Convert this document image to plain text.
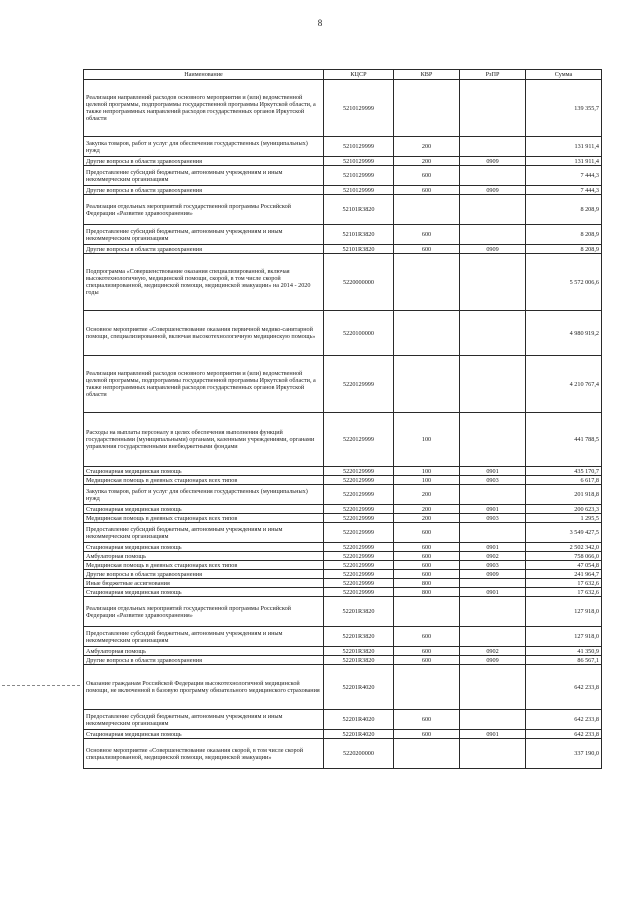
8
Наименование	КЦСР	КВР	РзПР	Сумма
Реализация направлений расходов основного мероприятия и (или) ведомственной целевой программы, подпрограммы государственной программы Иркутской области, а также непрограммных направлений расходов государственных органов Иркутской области	5210129999			139 355,7
Закупка товаров, работ и услуг для обеспечения государственных (муниципальных) нужд	5210129999	200		131 911,4
Другие вопросы в области здравоохранения	5210129999	200	0909	131 911,4
Предоставление субсидий бюджетным, автономным учреждениям и иным некоммерческим организациям	5210129999	600		7 444,3
Другие вопросы в области здравоохранения	5210129999	600	0909	7 444,3
Реализация отдельных мероприятий государственной программы Российской Федерации «Развитие здравоохранения»	52101R3820			8 208,9
Предоставление субсидий бюджетным, автономным учреждениям и иным некоммерческим организациям	52101R3820	600		8 208,9
Другие вопросы в области здравоохранения	52101R3820	600	0909	8 208,9
Подпрограмма «Совершенствование оказания специализированной, включая высокотехнологичную, медицинской помощи, скорой, в том числе скорой специализированной, медицинской помощи, медицинской эвакуации» на 2014 - 2020 годы	5220000000			5 572 006,6
Основное мероприятие «Совершенствование оказания первичной медико-санитарной помощи, специализированной, включая высокотехнологичную медицинскую помощь»	5220100000			4 980 919,2
Реализация направлений расходов основного мероприятия и (или) ведомственной целевой программы, подпрограммы государственной программы Иркутской области, а также непрограммных направлений расходов государственных органов Иркутской области	5220129999			4 210 767,4
Расходы на выплаты персоналу в целях обеспечения выполнения функций государственными (муниципальными) органами, казенными учреждениями, органами управления государственными внебюджетными фондами	5220129999	100		441 788,5
Стационарная медицинская помощь	5220129999	100	0901	435 170,7
Медицинская помощь в дневных стационарах всех типов	5220129999	100	0903	6 617,8
Закупка товаров, работ и услуг для обеспечения государственных (муниципальных) нужд	5220129999	200		201 918,8
Стационарная медицинская помощь	5220129999	200	0901	200 623,3
Медицинская помощь в дневных стационарах всех типов	5220129999	200	0903	1 295,5
Предоставление субсидий бюджетным, автономным учреждениям и иным некоммерческим организациям	5220129999	600		3 549 427,5
Стационарная медицинская помощь	5220129999	600	0901	2 502 342,0
Амбулаторная помощь	5220129999	600	0902	758 066,0
Медицинская помощь в дневных стационарах всех типов	5220129999	600	0903	47 054,8
Другие вопросы в области здравоохранения	5220129999	600	0909	241 964,7
Иные бюджетные ассигнования	5220129999	800		17 632,6
Стационарная медицинская помощь	5220129999	800	0901	17 632,6
Реализация отдельных мероприятий государственной программы Российской Федерации «Развитие здравоохранения»	52201R3820			127 918,0
Предоставление субсидий бюджетным, автономным учреждениям и иным некоммерческим организациям	52201R3820	600		127 918,0
Амбулаторная помощь	52201R3820	600	0902	41 350,9
Другие вопросы в области здравоохранения	52201R3820	600	0909	86 567,1
Оказание гражданам Российской Федерации высокотехнологичной медицинской помощи, не включенной в базовую программу обязательного медицинского страхования	52201R4020			642 233,8
Предоставление субсидий бюджетным, автономным учреждениям и иным некоммерческим организациям	52201R4020	600		642 233,8
Стационарная медицинская помощь	52201R4020	600	0901	642 233,8
Основное мероприятие «Совершенствование оказания скорой, в том числе скорой специализированной, медицинской помощи, медицинской эвакуации»	5220200000			337 190,0
